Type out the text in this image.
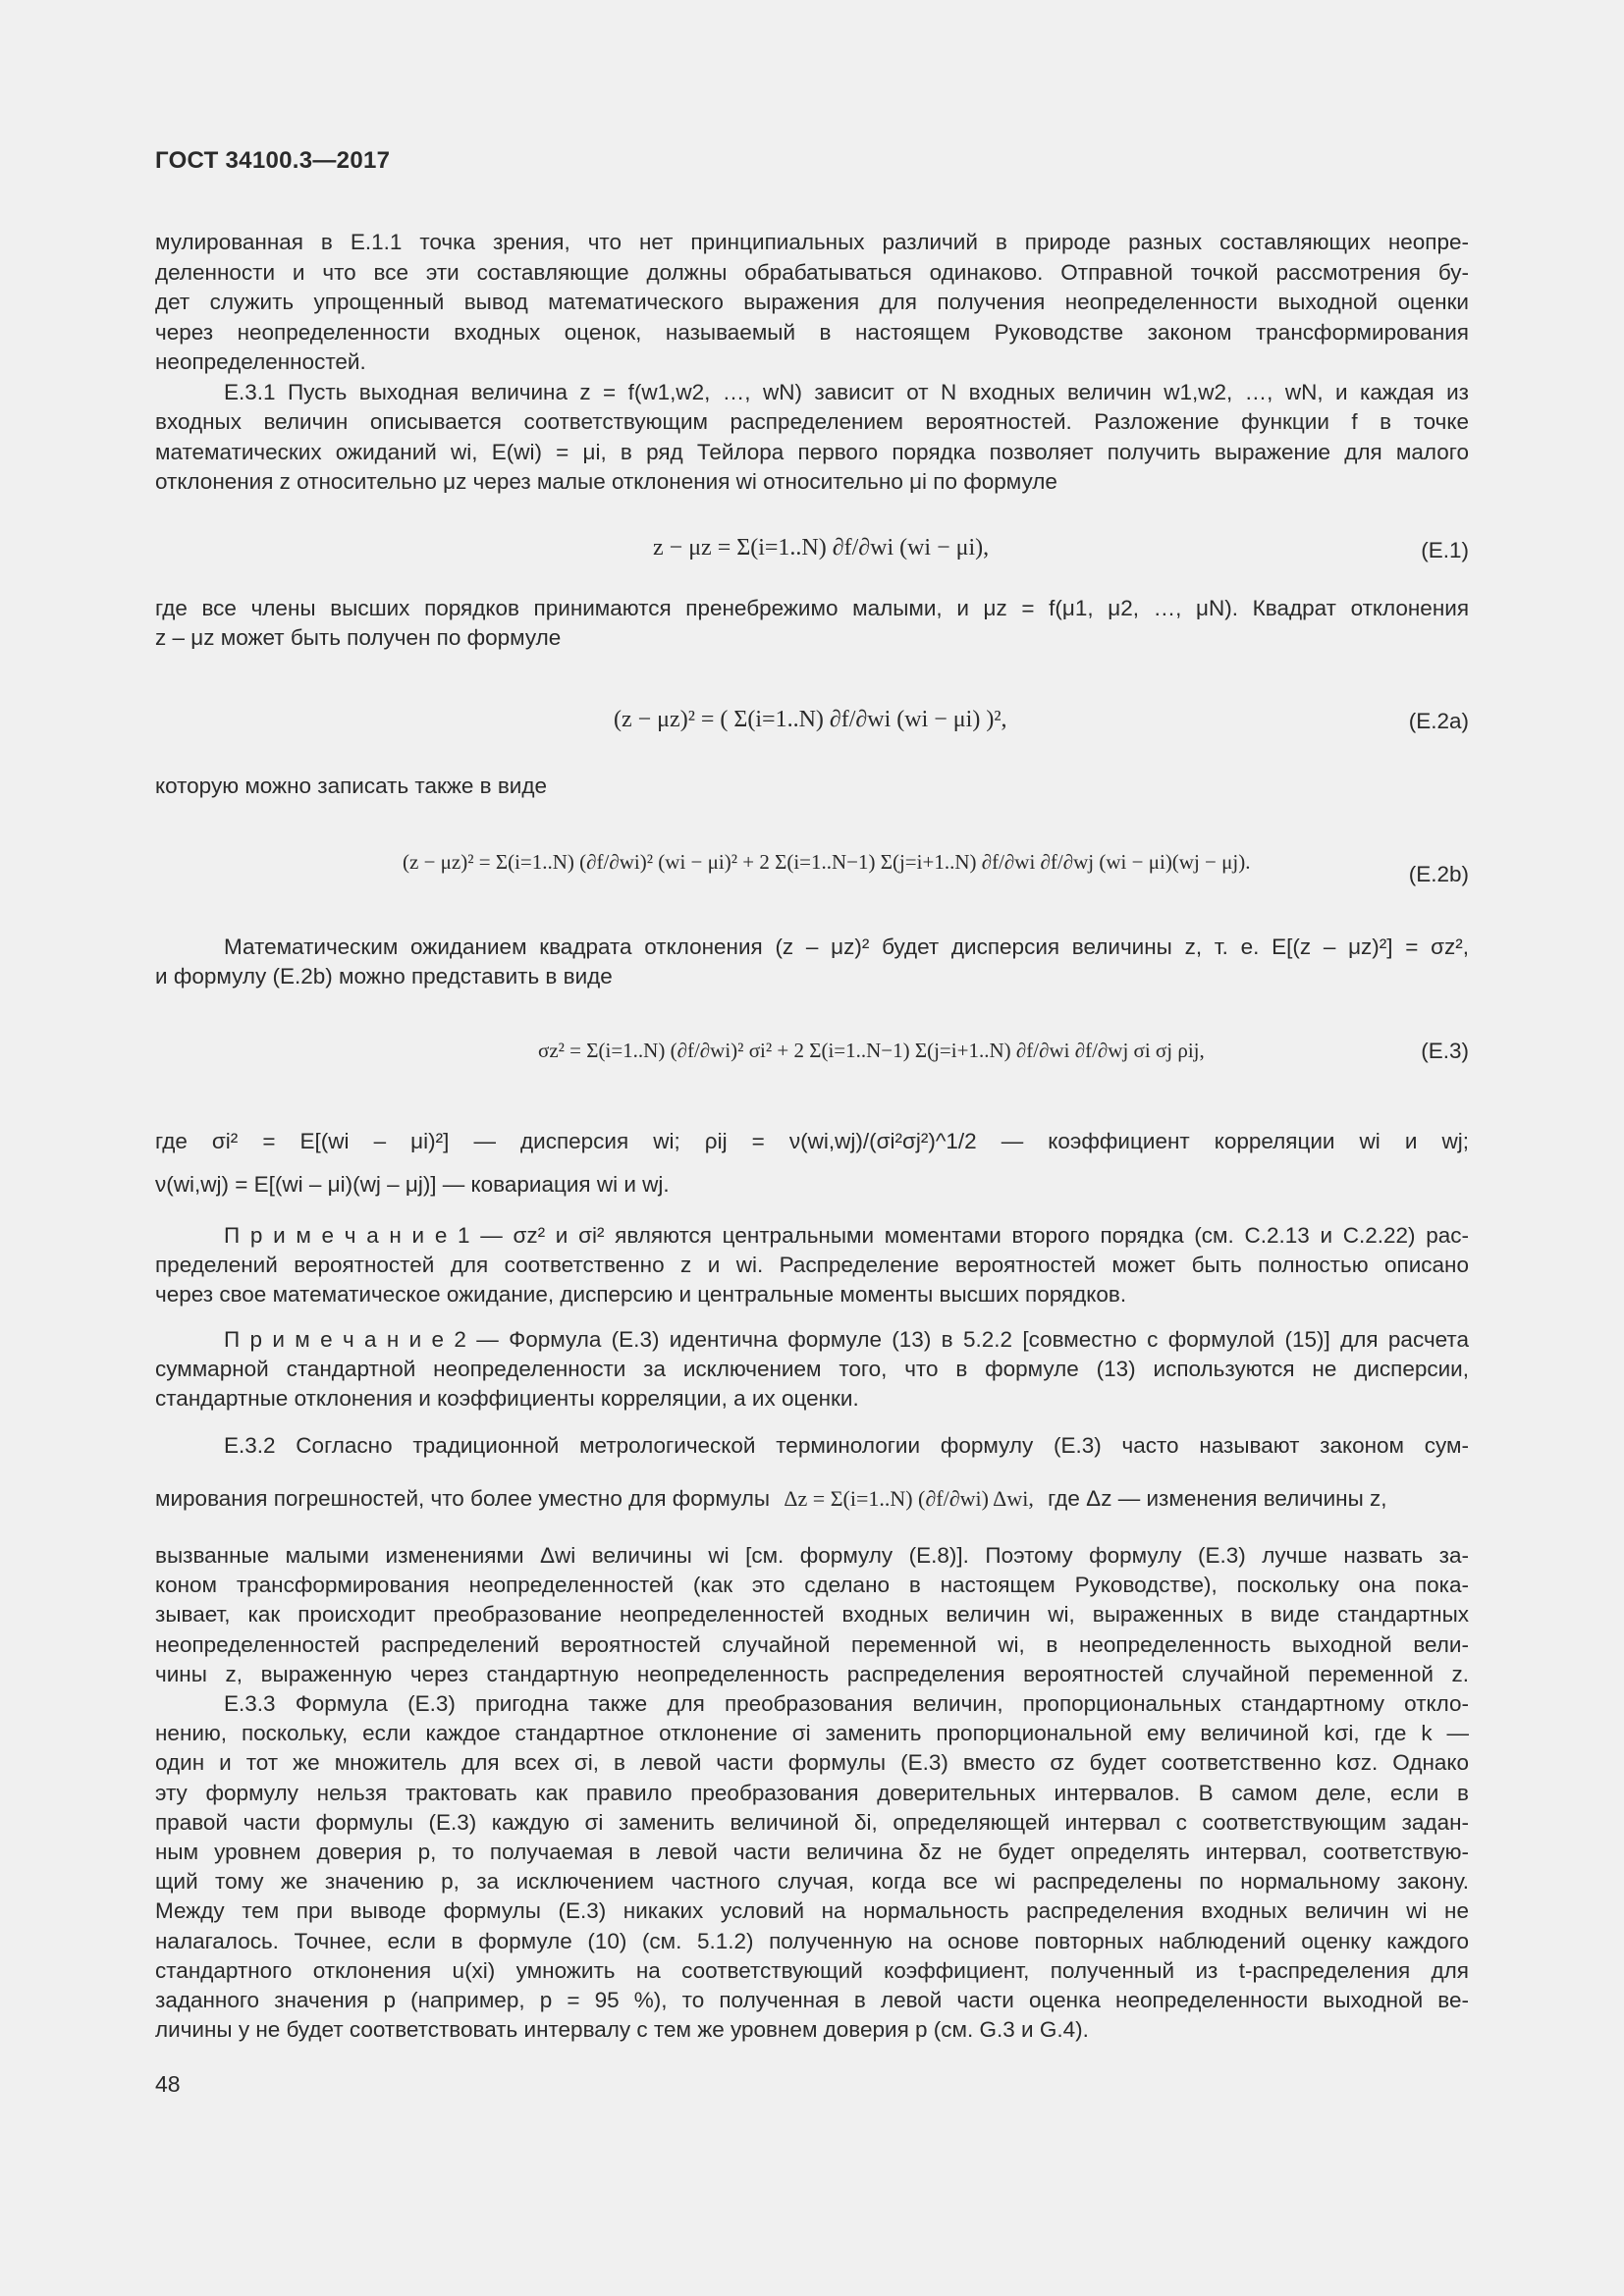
ГОСТ 34100.3—2017
мулированная в E.1.1 точка зрения, что нет принципиальных различий в природе разных составляющих неопре-
деленности и что все эти составляющие должны обрабатываться одинаково. Отправной точкой рассмотрения бу-
дет служить упрощенный вывод математического выражения для получения неопределенности выходной оценки
через неопределенности входных оценок, называемый в настоящем Руководстве законом трансформирования
неопределенностей.
Е.3.1 Пусть выходная величина z = f(w1,w2, …, wN) зависит от N входных величин w1,w2, …, wN, и каждая из
входных величин описывается соответствующим распределением вероятностей. Разложение функции f в точке
математических ожиданий wi, E(wi) = μi, в ряд Тейлора первого порядка позволяет получить выражение для малого
отклонения z относительно μz через малые отклонения wi относительно μi по формуле
z − μz = Σ(i=1..N) ∂f/∂wi (wi − μi),	(Е.1)
где все члены высших порядков принимаются пренебрежимо малыми, и μz = f(μ1, μ2, …, μN). Квадрат отклонения
z – μz может быть получен по формуле
(z − μz)² = ( Σ(i=1..N) ∂f/∂wi (wi − μi) )²,	(Е.2a)
которую можно записать также в виде
(z − μz)² = Σ(i=1..N) (∂f/∂wi)² (wi − μi)² + 2 Σ(i=1..N−1) Σ(j=i+1..N) ∂f/∂wi ∂f/∂wj (wi − μi)(wj − μj).	(Е.2b)
Математическим ожиданием квадрата отклонения (z – μz)² будет дисперсия величины z, т. е. E[(z – μz)²] = σz²,
и формулу (Е.2b) можно представить в виде
σz² = Σ(i=1..N) (∂f/∂wi)² σi² + 2 Σ(i=1..N−1) Σ(j=i+1..N) ∂f/∂wi ∂f/∂wj σi σj ρij,	(Е.3)
где σi² = E[(wi – μi)²] — дисперсия wi; ρij = ν(wi,wj)/(σi²σj²)^1/2 — коэффициент корреляции wi и wj;
ν(wi,wj) = E[(wi – μi)(wj – μj)] — ковариация wi и wj.
П р и м е ч а н и е 1 — σz² и σi² являются центральными моментами второго порядка (см. С.2.13 и С.2.22) рас-
пределений вероятностей для соответственно z и wi. Распределение вероятностей может быть полностью описано
через свое математическое ожидание, дисперсию и центральные моменты высших порядков.
П р и м е ч а н и е 2 — Формула (Е.3) идентична формуле (13) в 5.2.2 [совместно с формулой (15)] для расчета
суммарной стандартной неопределенности за исключением того, что в формуле (13) используются не дисперсии,
стандартные отклонения и коэффициенты корреляции, а их оценки.
Е.3.2 Согласно традиционной метрологической терминологии формулу (Е.3) часто называют законом сум-
мирования погрешностей, что более уместно для формулы Δz = Σ(i=1..N) (∂f/∂wi) Δwi, где Δz — изменения величины z,
вызванные малыми изменениями Δwi величины wi [см. формулу (Е.8)]. Поэтому формулу (Е.3) лучше назвать за-
коном трансформирования неопределенностей (как это сделано в настоящем Руководстве), поскольку она пока-
зывает, как происходит преобразование неопределенностей входных величин wi, выраженных в виде стандартных
неопределенностей распределений вероятностей случайной переменной wi, в неопределенность выходной вели-
чины z, выраженную через стандартную неопределенность распределения вероятностей случайной переменной z.
Е.3.3 Формула (Е.3) пригодна также для преобразования величин, пропорциональных стандартному откло-
нению, поскольку, если каждое стандартное отклонение σi заменить пропорциональной ему величиной kσi, где k —
один и тот же множитель для всех σi, в левой части формулы (Е.3) вместо σz будет соответственно kσz. Однако
эту формулу нельзя трактовать как правило преобразования доверительных интервалов. В самом деле, если в
правой части формулы (Е.3) каждую σi заменить величиной δi, определяющей интервал с соответствующим задан-
ным уровнем доверия p, то получаемая в левой части величина δz не будет определять интервал, соответствую-
щий тому же значению p, за исключением частного случая, когда все wi распределены по нормальному закону.
Между тем при выводе формулы (Е.3) никаких условий на нормальность распределения входных величин wi не
налагалось. Точнее, если в формуле (10) (см. 5.1.2) полученную на основе повторных наблюдений оценку каждого
стандартного отклонения u(xi) умножить на соответствующий коэффициент, полученный из t-распределения для
заданного значения p (например, p = 95 %), то полученная в левой части оценка неопределенности выходной ве-
личины y не будет соответствовать интервалу с тем же уровнем доверия p (см. G.3 и G.4).
48
